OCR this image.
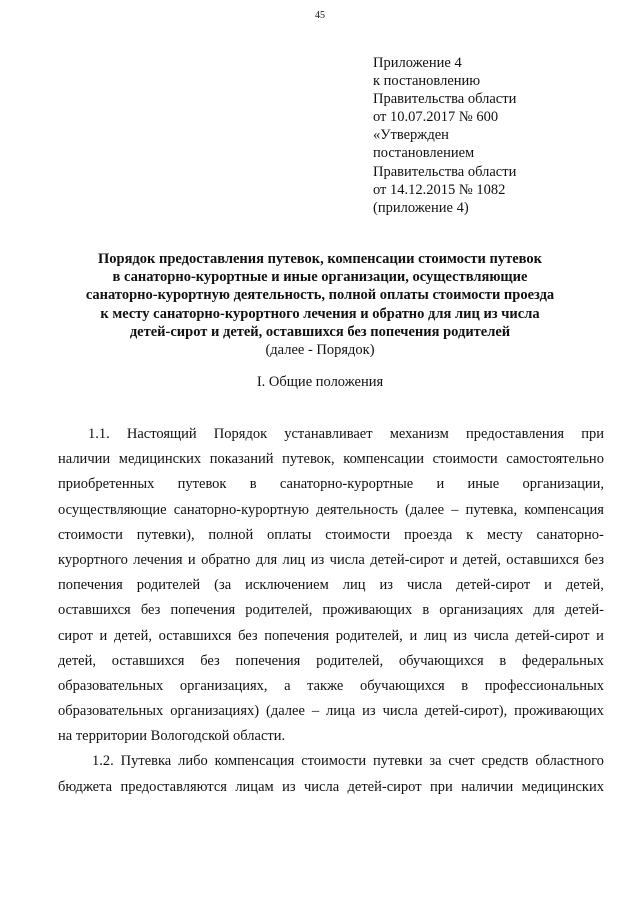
45
Приложение 4
к постановлению
Правительства области
от 10.07.2017 № 600
«Утвержден
постановлением
Правительства области
от 14.12.2015 № 1082
(приложение 4)
Порядок предоставления путевок, компенсации стоимости путевок
в санаторно-курортные и иные организации, осуществляющие
санаторно-курортную деятельность, полной оплаты стоимости проезда
к месту санаторно-курортного лечения и обратно для лиц из числа
детей-сирот и детей, оставшихся без попечения родителей
(далее - Порядок)
I. Общие положения
1.1. Настоящий Порядок устанавливает механизм предоставления при
наличии медицинских показаний путевок, компенсации стоимости самостоятельно
приобретенных путевок в санаторно-курортные и иные организации,
осуществляющие санаторно-курортную деятельность (далее – путевка, компенсация
стоимости путевки), полной оплаты стоимости проезда к месту санаторно-
курортного лечения и обратно для лиц из числа детей-сирот и детей, оставшихся без
попечения родителей (за исключением лиц из числа детей-сирот и детей,
оставшихся без попечения родителей, проживающих в организациях для детей-
сирот и детей, оставшихся без попечения родителей, и лиц из числа детей-сирот и
детей, оставшихся без попечения родителей, обучающихся в федеральных
образовательных организациях, а также обучающихся в профессиональных
образовательных организациях) (далее – лица из числа детей-сирот), проживающих
на территории Вологодской области.
1.2. Путевка либо компенсация стоимости путевки за счет средств областного
бюджета предоставляются лицам из числа детей-сирот при наличии медицинских
